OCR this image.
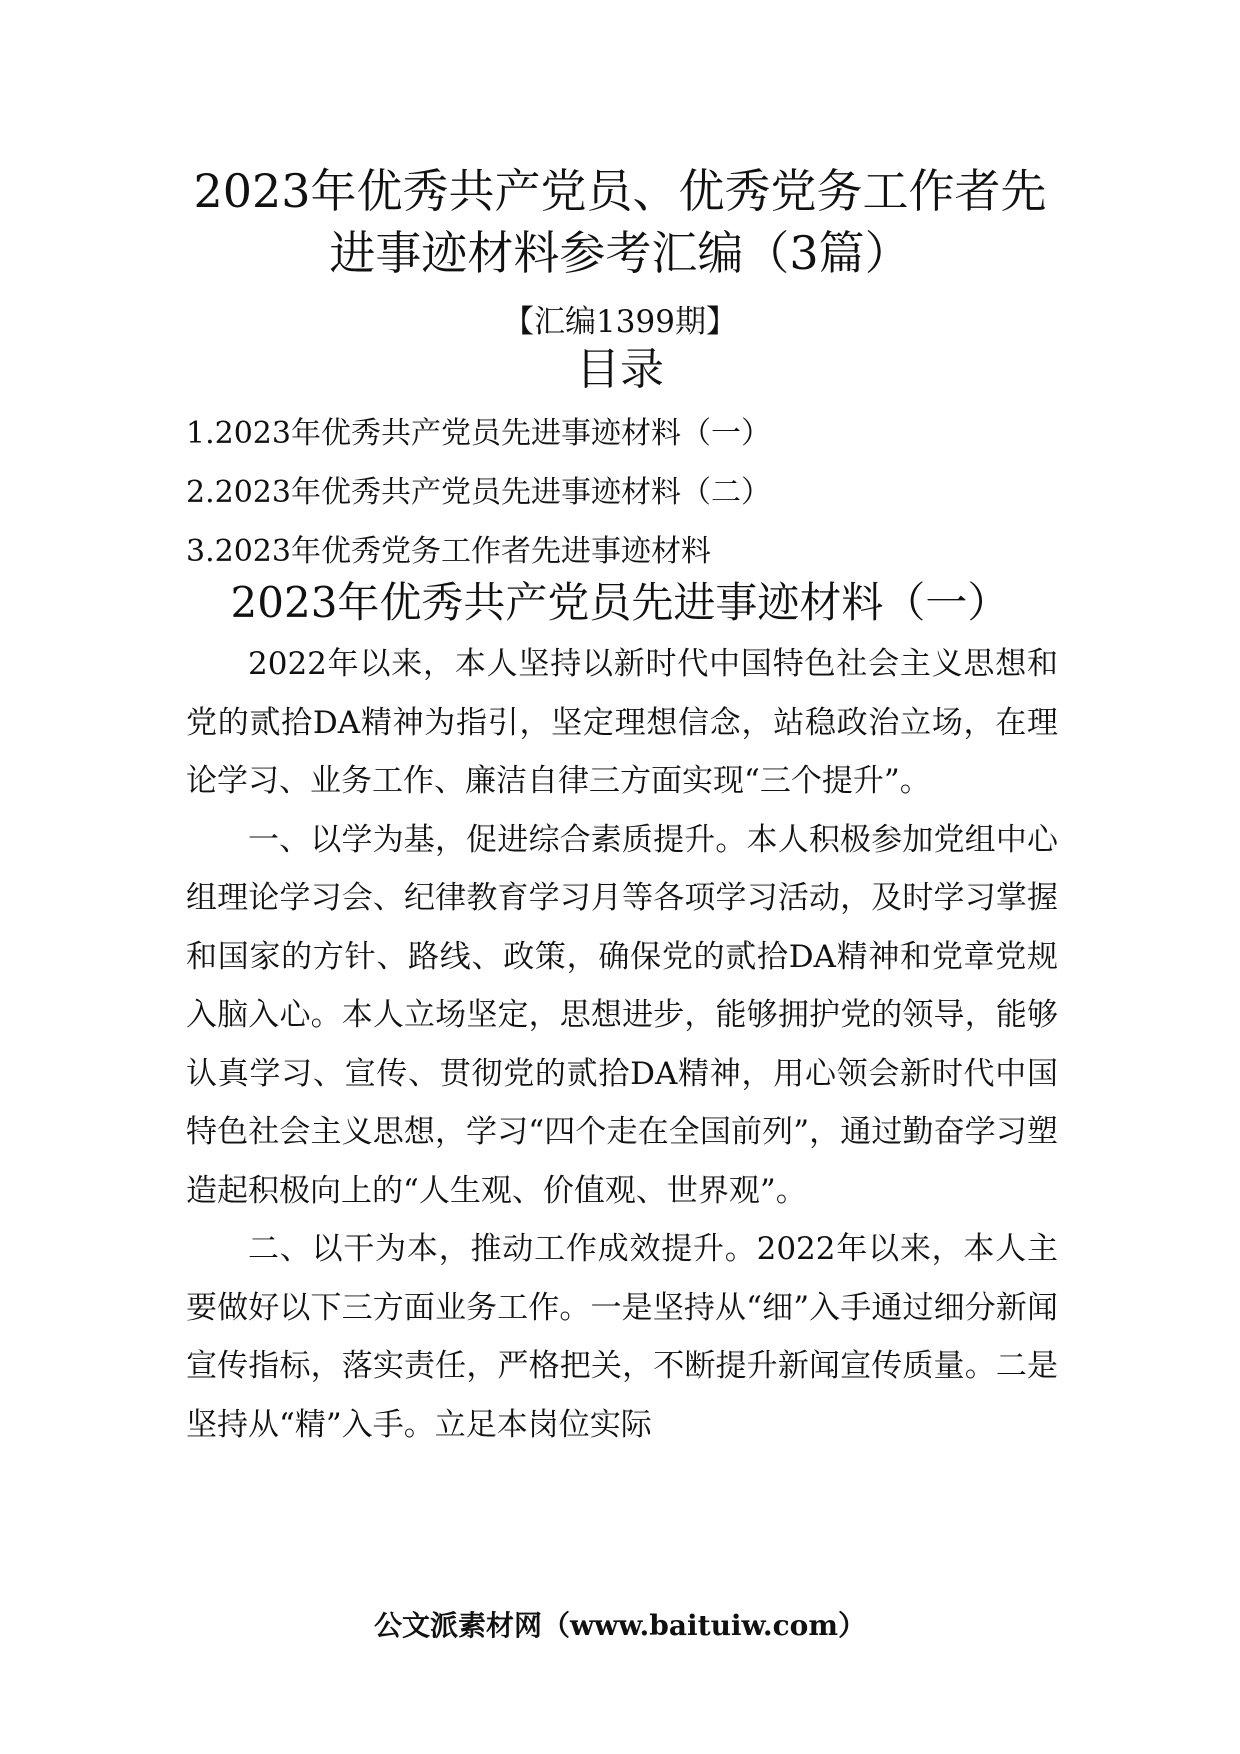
2023年优秀共产党员、优秀党务工作者先
进事迹材料参考汇编（3篇）
【汇编1399期】
目录
1.2023年优秀共产党员先进事迹材料（一）
2.2023年优秀共产党员先进事迹材料（二）
3.2023年优秀党务工作者先进事迹材料
2023年优秀共产党员先进事迹材料（一）

2022年以来，本人坚持以新时代中国特色社会主义思想和党的贰拾DA精神为指引，坚定理想信念，站稳政治立场，在理论学习、业务工作、廉洁自律三方面实现“三个提升”。

一、以学为基，促进综合素质提升。本人积极参加党组中心组理论学习会、纪律教育学习月等各项学习活动，及时学习掌握和国家的方针、路线、政策，确保党的贰拾DA精神和党章党规入脑入心。本人立场坚定，思想进步，能够拥护党的领导，能够认真学习、宣传、贯彻党的贰拾DA精神，用心领会新时代中国特色社会主义思想，学习“四个走在全国前列”，通过勤奋学习塑造起积极向上的“人生观、价值观、世界观”。

二、以干为本，推动工作成效提升。2022年以来，本人主要做好以下三方面业务工作。一是坚持从“细”入手通过细分新闻宣传指标，落实责任，严格把关，不断提升新闻宣传质量。二是坚持从“精”入手。立足本岗位实际

公文派素材网（www.baituiw.com）
